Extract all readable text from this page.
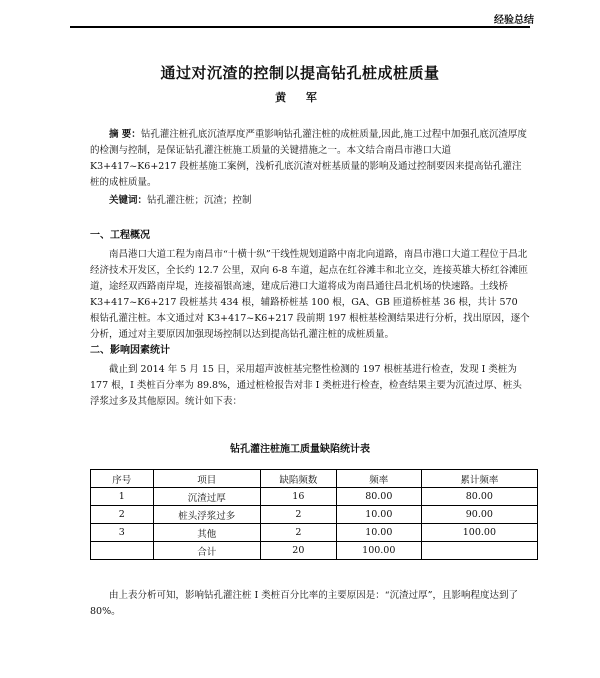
经验总结
通过对沉渣的控制以提高钻孔桩成桩质量
黄 军
摘 要：钻孔灌注桩孔底沉渣厚度严重影响钻孔灌注桩的成桩质量,因此,施工过程中加强孔底沉渣厚度的检测与控制，是保证钻孔灌注桩施工质量的关键措施之一。本文结合南昌市港口大道K3+417~K6+217 段桩基施工案例，浅析孔底沉渣对桩基质量的影响及通过控制要因来提高钻孔灌注桩的成桩质量。
关键词：钻孔灌注桩；沉渣；控制
一、工程概况
南昌港口大道工程为南昌市“十横十纵”干线性规划道路中南北向道路，南昌市港口大道工程位于昌北经济技术开发区，全长约 12.7 公里，双向 6-8 车道，起点在红谷滩丰和北立交，连接英雄大桥红谷滩匝道，途经双西路南岸堤，连接福银高速，建成后港口大道将成为南昌通往昌北机场的快速路。土线桥 K3+417~K6+217 段桩基共 434 根，辅路桥桩基 100 根，GA、GB 匝道桥桩基 36 根，共计 570 根钻孔灌注桩。本文通过对 K3+417~K6+217 段前期 197 根桩基检测结果进行分析，找出原因，逐个分析，通过对主要原因加强现场控制以达到提高钻孔灌注桩的成桩质量。
二、影响因素统计
截止到 2014 年 5 月 15 日，采用超声波桩基完整性检测的 197 根桩基进行检查，发现 I 类桩为 177 根，I 类桩百分率为 89.8%，通过桩检报告对非 I 类桩进行检查，检查结果主要为沉渣过厚、桩头浮浆过多及其他原因。统计如下表：
钻孔灌注桩施工质量缺陷统计表
序号	项目	缺陷频数	频率	累计频率
1	沉渣过厚	16	80.00	80.00
2	桩头浮浆过多	2	10.00	90.00
3	其他	2	10.00	100.00
	合计	20	100.00	
由上表分析可知，影响钻孔灌注桩 I 类桩百分比率的主要原因是：“沉渣过厚”，且影响程度达到了 80%。
